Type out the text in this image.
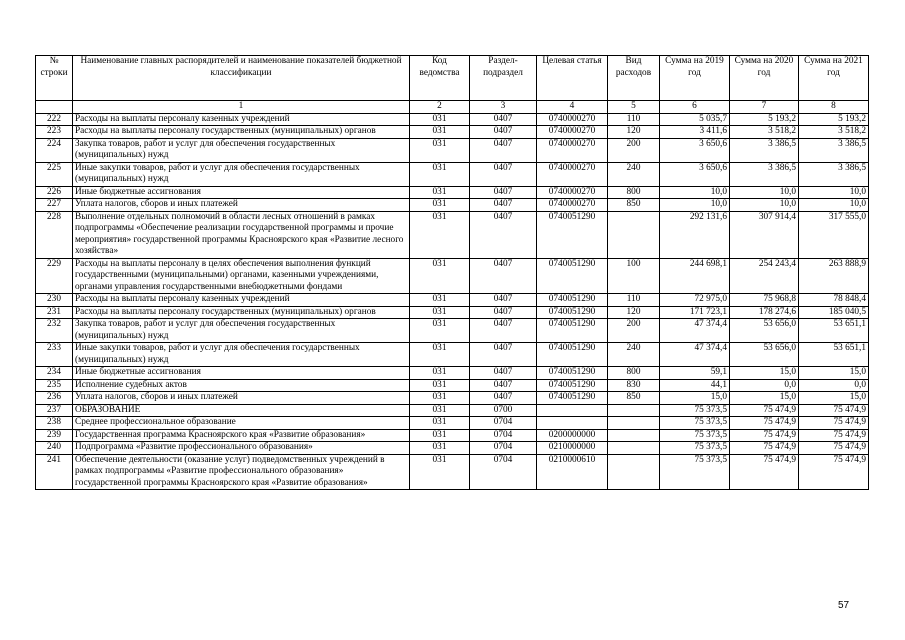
№ строки	Наименование главных распорядителей и наименование показателей бюджетной классификации	Код ведомства	Раздел-подраздел	Целевая статья	Вид расходов	Сумма на 2019 год	Сумма на 2020 год	Сумма на 2021 год
	1	2	3	4	5	6	7	8
222	Расходы на выплаты персоналу казенных учреждений	031	0407	0740000270	110	5 035,7	5 193,2	5 193,2
223	Расходы на выплаты персоналу государственных (муниципальных) органов	031	0407	0740000270	120	3 411,6	3 518,2	3 518,2
224	Закупка товаров, работ и услуг для обеспечения государственных (муниципальных) нужд	031	0407	0740000270	200	3 650,6	3 386,5	3 386,5
225	Иные закупки товаров, работ и услуг для обеспечения государственных (муниципальных) нужд	031	0407	0740000270	240	3 650,6	3 386,5	3 386,5
226	Иные бюджетные ассигнования	031	0407	0740000270	800	10,0	10,0	10,0
227	Уплата налогов, сборов и иных платежей	031	0407	0740000270	850	10,0	10,0	10,0
228	Выполнение отдельных полномочий в области лесных отношений в рамках подпрограммы «Обеспечение реализации государственной программы и прочие мероприятия» государственной программы Красноярского края «Развитие лесного хозяйства»	031	0407	0740051290		292 131,6	307 914,4	317 555,0
229	Расходы на выплаты персоналу в целях обеспечения выполнения функций государственными (муниципальными) органами, казенными учреждениями, органами управления государственными внебюджетными фондами	031	0407	0740051290	100	244 698,1	254 243,4	263 888,9
230	Расходы на выплаты персоналу казенных учреждений	031	0407	0740051290	110	72 975,0	75 968,8	78 848,4
231	Расходы на выплаты персоналу государственных (муниципальных) органов	031	0407	0740051290	120	171 723,1	178 274,6	185 040,5
232	Закупка товаров, работ и услуг для обеспечения государственных (муниципальных) нужд	031	0407	0740051290	200	47 374,4	53 656,0	53 651,1
233	Иные закупки товаров, работ и услуг для обеспечения государственных (муниципальных) нужд	031	0407	0740051290	240	47 374,4	53 656,0	53 651,1
234	Иные бюджетные ассигнования	031	0407	0740051290	800	59,1	15,0	15,0
235	Исполнение судебных актов	031	0407	0740051290	830	44,1	0,0	0,0
236	Уплата налогов, сборов и иных платежей	031	0407	0740051290	850	15,0	15,0	15,0
237	ОБРАЗОВАНИЕ	031	0700			75 373,5	75 474,9	75 474,9
238	Среднее профессиональное образование	031	0704			75 373,5	75 474,9	75 474,9
239	Государственная программа Красноярского края «Развитие образования»	031	0704	0200000000		75 373,5	75 474,9	75 474,9
240	Подпрограмма «Развитие профессионального образования»	031	0704	0210000000		75 373,5	75 474,9	75 474,9
241	Обеспечение деятельности (оказание услуг) подведомственных учреждений в рамках подпрограммы «Развитие профессионального образования» государственной программы Красноярского края «Развитие образования»	031	0704	0210000610		75 373,5	75 474,9	75 474,9
57
